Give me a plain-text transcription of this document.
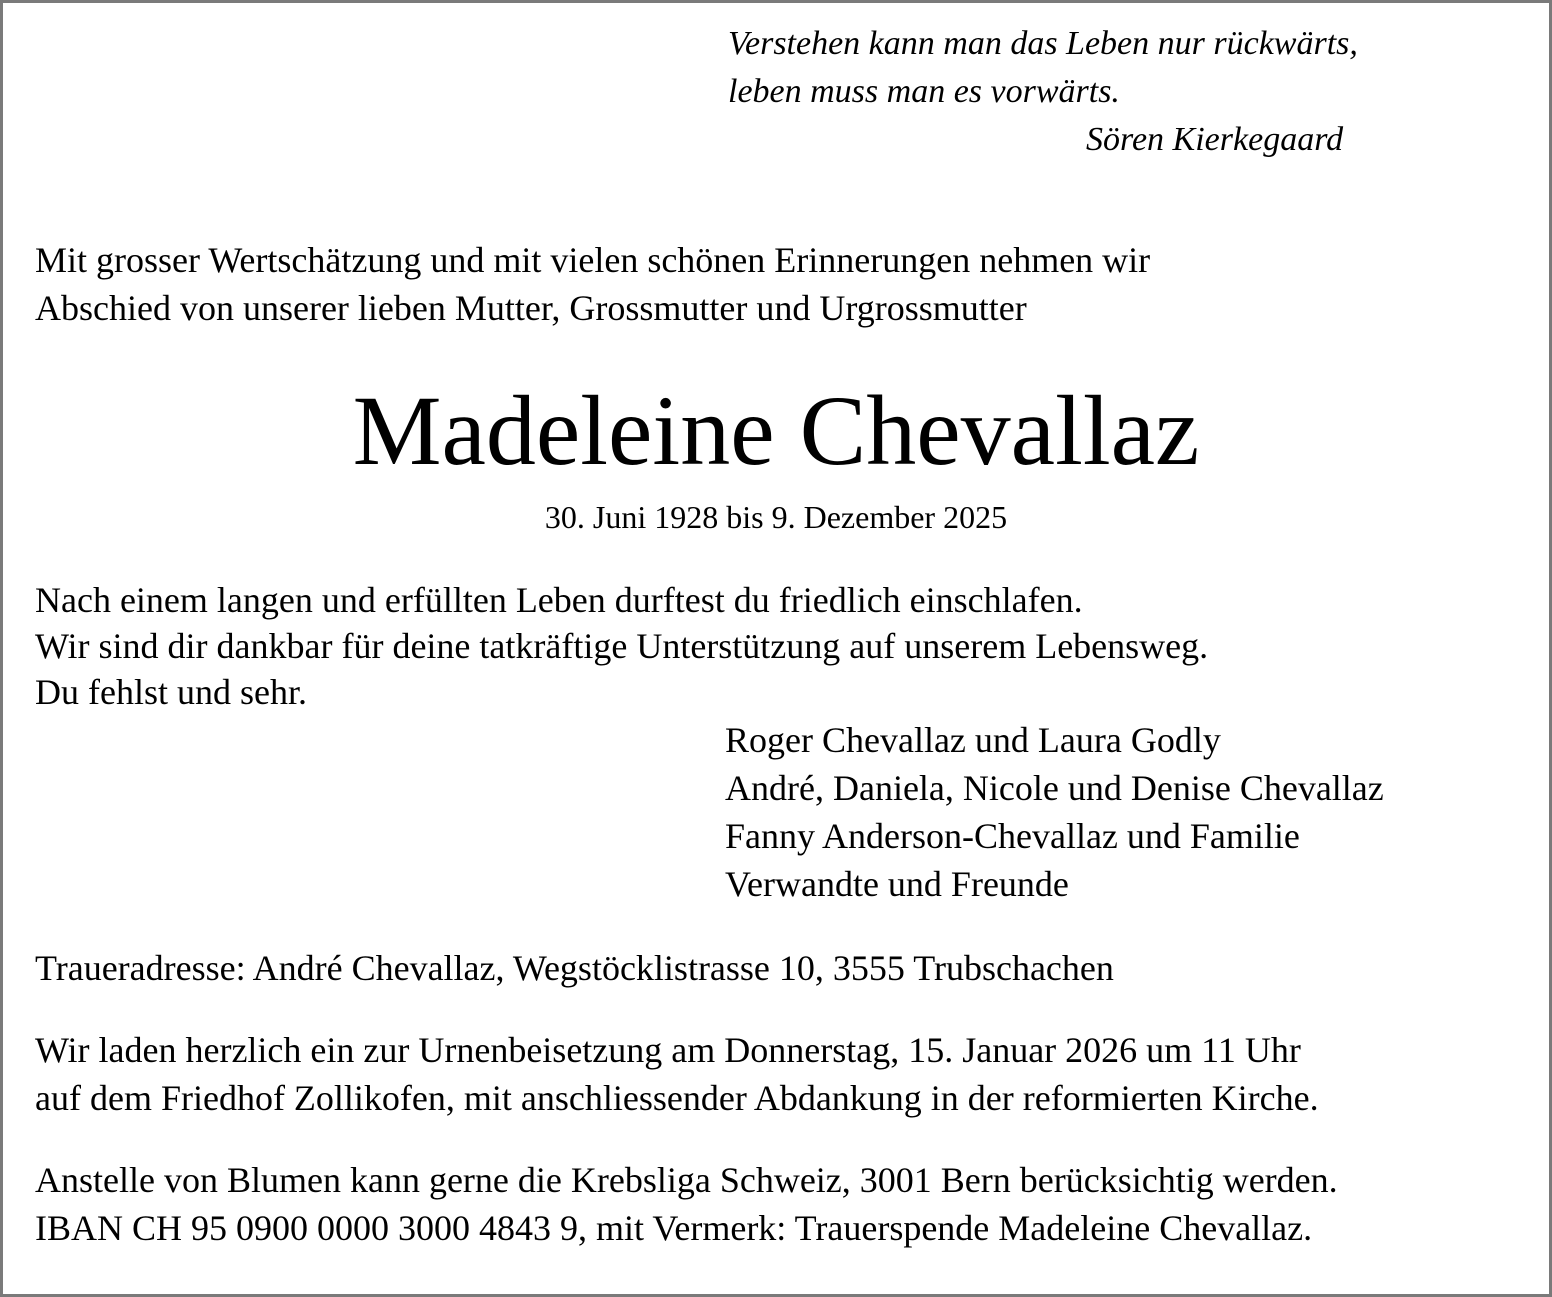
Verstehen kann man das Leben nur rückwärts,

leben muss man es vorwärts.

Sören Kierkegaard

Mit grosser Wertschätzung und mit vielen schönen Erinnerungen nehmen wir

Abschied von unserer lieben Mutter, Grossmutter und Urgrossmutter

Madeleine Chevallaz

30. Juni 1928 bis 9. Dezember 2025

Nach einem langen und erfüllten Leben durftest du friedlich einschlafen.

Wir sind dir dankbar für deine tatkräftige Unterstützung auf unserem Lebensweg.

Du fehlst und sehr.

Roger Chevallaz und Laura Godly

André, Daniela, Nicole und Denise Chevallaz

Fanny Anderson-Chevallaz und Familie

Verwandte und Freunde

Traueradresse: André Chevallaz, Wegstöcklistrasse 10, 3555 Trubschachen

Wir laden herzlich ein zur Urnenbeisetzung am Donnerstag, 15. Januar 2026 um 11 Uhr

auf dem Friedhof Zollikofen, mit anschliessender Abdankung in der reformierten Kirche.

Anstelle von Blumen kann gerne die Krebsliga Schweiz, 3001 Bern berücksichtig werden.

IBAN CH 95 0900 0000 3000 4843 9, mit Vermerk: Trauerspende Madeleine Chevallaz.
